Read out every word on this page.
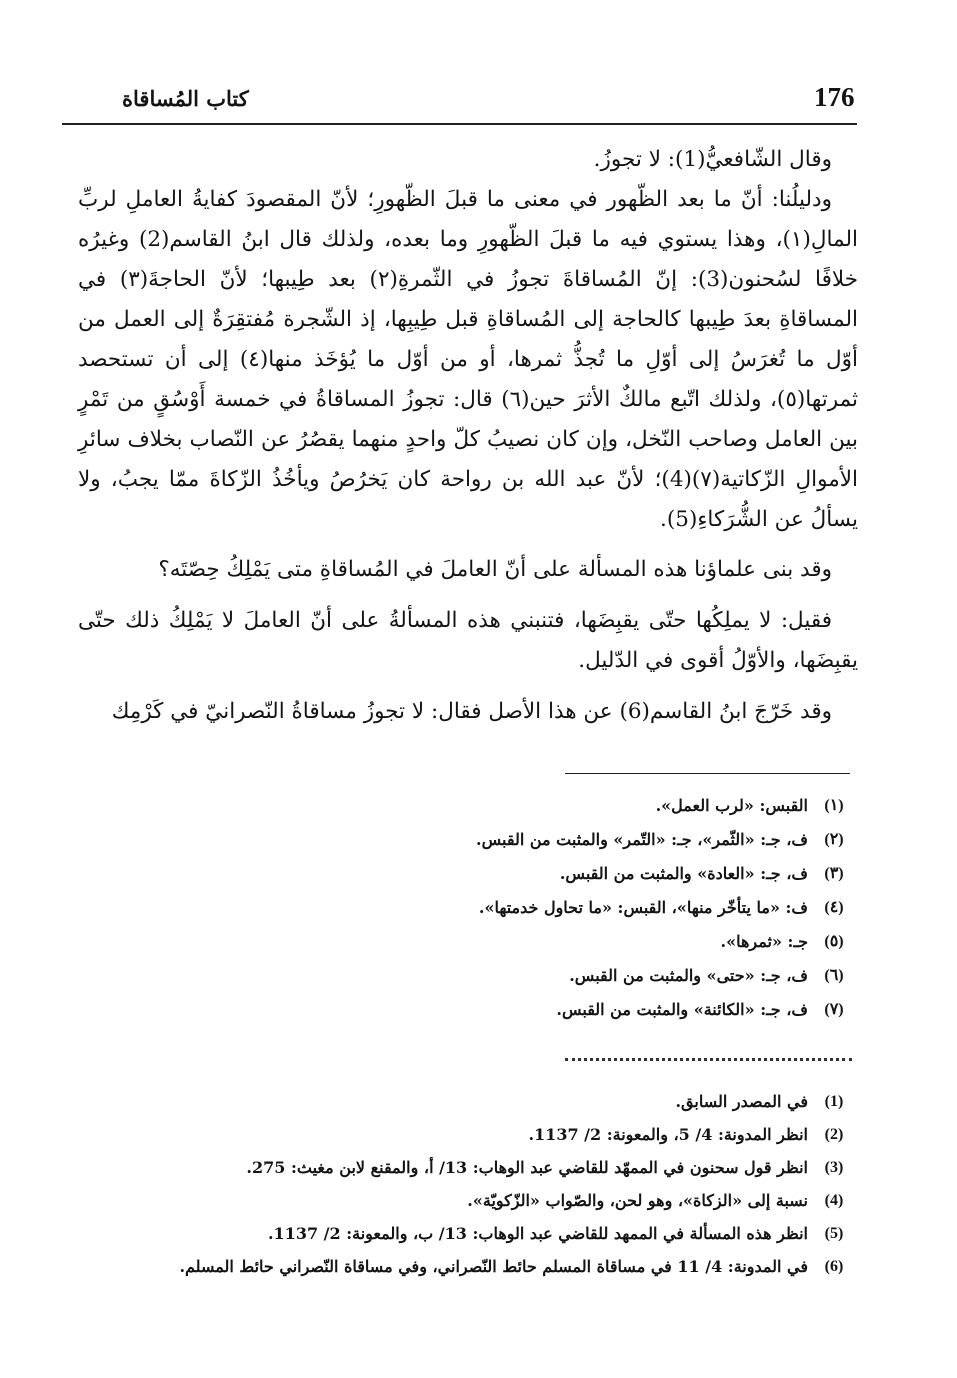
176
كتاب المُساقاة

وقال الشّافعيُّ(1): لا تجوزُ.

ودليلُنا: أنّ ما بعد الظّهور في معنى ما قبلَ الظّهورِ؛ لأنّ المقصودَ كفايةُ العاملِ لربِّ المالِ(١)، وهذا يستوي فيه ما قبلَ الظّهورِ وما بعده، ولذلك قال ابنُ القاسم(2) وغيرُه خلافًا لسُحنون(3): إنّ المُساقاةَ تجوزُ في الثّمرةِ(٢) بعد طِيبها؛ لأنّ الحاجةَ(٣) في المساقاةِ بعدَ طِيبها كالحاجة إلى المُساقاةِ قبل طِيبِها، إذ الشّجرة مُفتقِرَةٌ إلى العمل من أوّل ما تُغرَسُ إلى أوّلِ ما تُجذُّ ثمرها، أو من أوّل ما يُؤخَذ منها(٤) إلى أن تستحصد ثمرتها(٥)، ولذلك اتّبع مالكٌ الأثرَ حين(٦) قال: تجوزُ المساقاةُ في خمسة أَوْسُقٍ من تَمْرٍ بين العامل وصاحب النّخل، وإن كان نصيبُ كلّ واحدٍ منهما يقصُرُ عن النّصاب بخلاف سائرِ الأموالِ الزّكاتية(٧)(4)؛ لأنّ عبد الله بن رواحة كان يَخرُصُ ويأخُذُ الزّكاةَ ممّا يجبُ، ولا يسألُ عن الشُّرَكاءِ(5).

وقد بنى علماؤنا هذه المسألة على أنّ العاملَ في المُساقاةِ متى يَمْلِكُ حِصّتَه؟

فقيل: لا يملِكُها حتّى يقبِضَها، فتنبني هذه المسألةُ على أنّ العاملَ لا يَمْلِكُ ذلك حتّى يقبِضَها، والأوّلُ أقوى في الدّليل.

وقد خَرّجَ ابنُ القاسم(6) عن هذا الأصل فقال: لا تجوزُ مساقاةُ النّصرانيّ في كَرْمِك

(١)
القبس: «لرب العمل».
(٢)
ف، جـ: «الثّمر»، جـ: «التّمر» والمثبت من القبس.
(٣)
ف، جـ: «العادة» والمثبت من القبس.
(٤)
ف: «ما يتأخّر منها»، القبس: «ما تحاول خدمتها».
(٥)
جـ: «ثمرها».
(٦)
ف، جـ: «حتى» والمثبت من القبس.
(٧)
ف، جـ: «الكائنة» والمثبت من القبس.
(1)
في المصدر السابق.
(2)
انظر المدونة: 4/ 5، والمعونة: 2/ 1137.
(3)
انظر قول سحنون في الممهّد للقاضي عبد الوهاب: 13/ أ، والمقنع لابن مغيث: 275.
(4)
نسبة إلى «الزكاة»، وهو لحن، والصّواب «الزّكويّة».
(5)
انظر هذه المسألة في الممهد للقاضي عبد الوهاب: 13/ ب، والمعونة: 2/ 1137.
(6)
في المدونة: 4/ 11 في مساقاة المسلم حائط النّصراني، وفي مساقاة النّصراني حائط المسلم.
